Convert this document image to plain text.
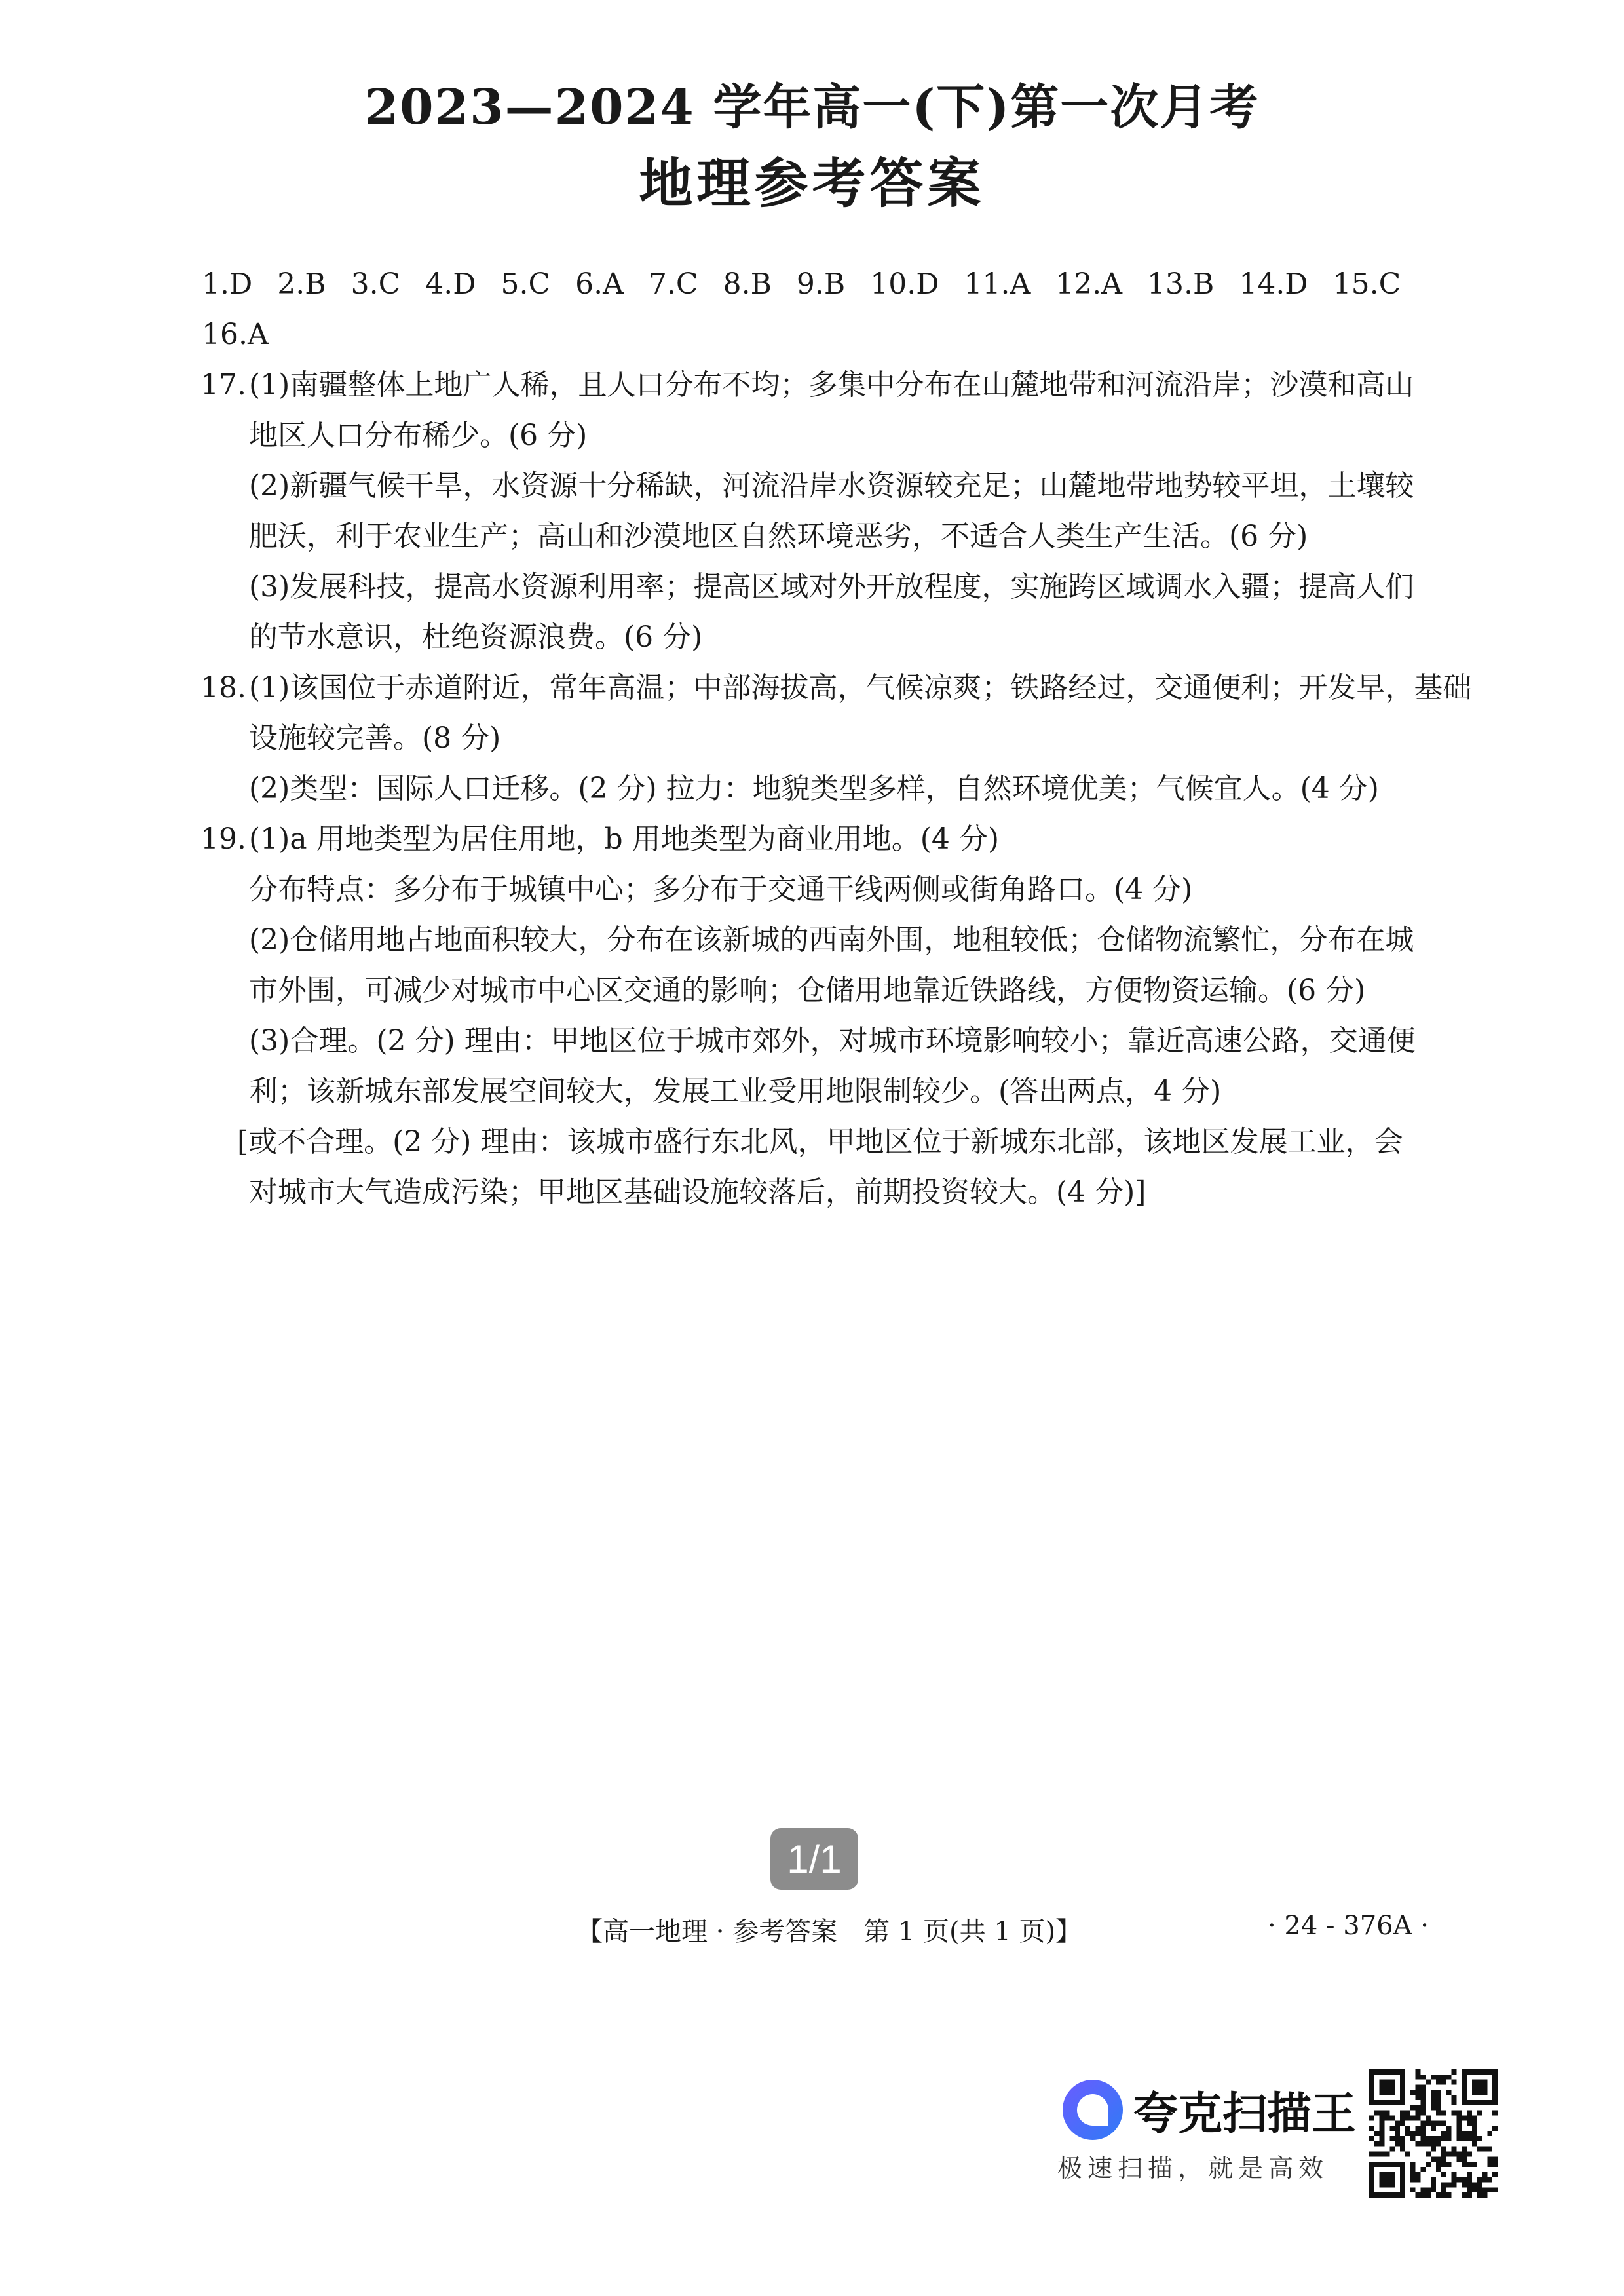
2023—2024 学年高一(下)第一次月考
地理参考答案
1.D 2.B 3.C 4.D 5.C 6.A 7.C 8.B 9.B 10.D 11.A 12.A 13.B 14.D 15.C
16.A
17. (1)南疆整体上地广人稀，且人口分布不均；多集中分布在山麓地带和河流沿岸；沙漠和高山
地区人口分布稀少。(6 分)
(2)新疆气候干旱，水资源十分稀缺，河流沿岸水资源较充足；山麓地带地势较平坦，土壤较
肥沃，利于农业生产；高山和沙漠地区自然环境恶劣，不适合人类生产生活。(6 分)
(3)发展科技，提高水资源利用率；提高区域对外开放程度，实施跨区域调水入疆；提高人们
的节水意识，杜绝资源浪费。(6 分)
18. (1)该国位于赤道附近，常年高温；中部海拔高，气候凉爽；铁路经过，交通便利；开发早，基础
设施较完善。(8 分)
(2)类型：国际人口迁移。(2 分) 拉力：地貌类型多样，自然环境优美；气候宜人。(4 分)
19. (1)a 用地类型为居住用地，b 用地类型为商业用地。(4 分)
分布特点：多分布于城镇中心；多分布于交通干线两侧或街角路口。(4 分)
(2)仓储用地占地面积较大，分布在该新城的西南外围，地租较低；仓储物流繁忙，分布在城
市外围，可减少对城市中心区交通的影响；仓储用地靠近铁路线，方便物资运输。(6 分)
(3)合理。(2 分) 理由：甲地区位于城市郊外，对城市环境影响较小；靠近高速公路，交通便
利；该新城东部发展空间较大，发展工业受用地限制较少。(答出两点，4 分)
[或不合理。(2 分) 理由：该城市盛行东北风，甲地区位于新城东北部，该地区发展工业，会
对城市大气造成污染；甲地区基础设施较落后，前期投资较大。(4 分)]
1/1
【高一地理 · 参考答案　第 1 页(共 1 页)】	· 24 - 376A ·
夸克扫描王
极速扫描，就是高效
